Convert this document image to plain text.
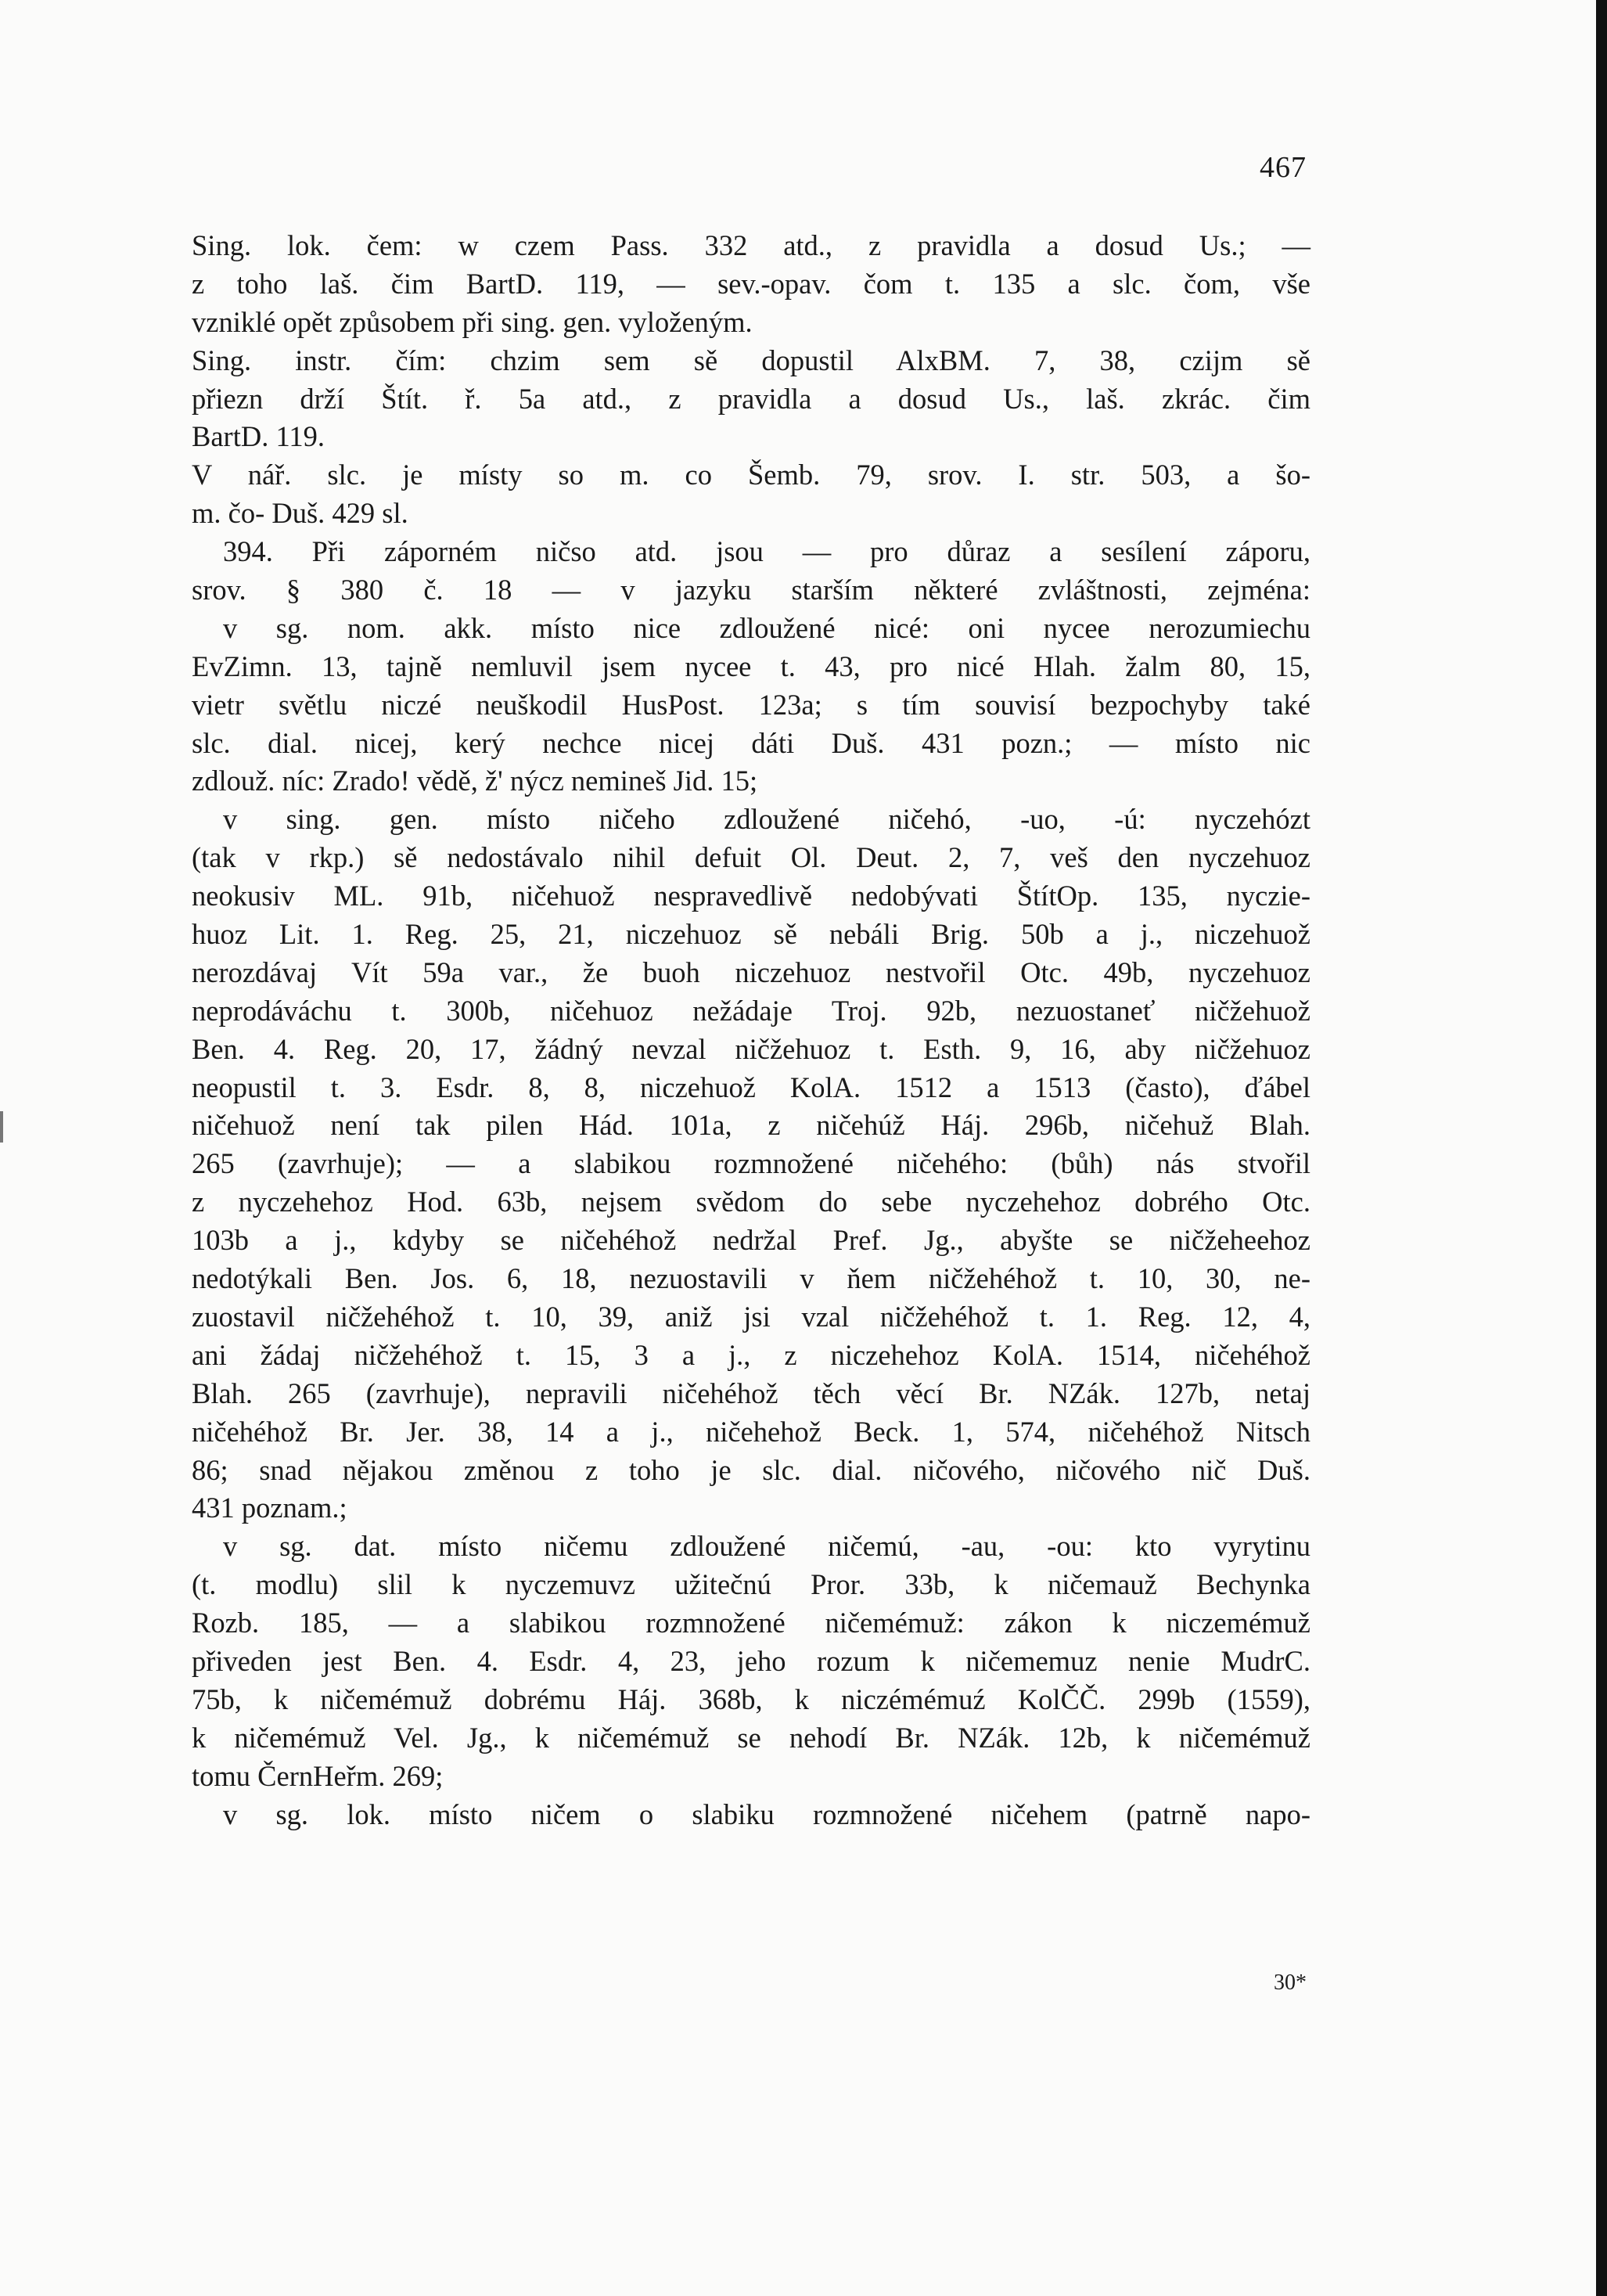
467
Sing. lok. čem: w czem Pass. 332 atd., z pravidla a dosud Us.; —
z toho laš. čim BartD. 119, — sev.-opav. čom t. 135 a slc. čom, vše
vzniklé opět způsobem při sing. gen. vyloženým.
Sing. instr. čím: chzim sem sě dopustil AlxBM. 7, 38, czijm sě
přiezn drží Štít. ř. 5a atd., z pravidla a dosud Us., laš. zkrác. čim
BartD. 119.
V nář. slc. je místy so m. co Šemb. 79, srov. I. str. 503, a šo-
m. čo- Duš. 429 sl.
394. Při záporném ničso atd. jsou — pro důraz a sesílení záporu,
srov. § 380 č. 18 — v jazyku starším některé zvláštnosti, zejména:
v sg. nom. akk. místo nice zdloužené nicé: oni nycee nerozumiechu
EvZimn. 13, tajně nemluvil jsem nycee t. 43, pro nicé Hlah. žalm 80, 15,
vietr světlu niczé neuškodil HusPost. 123a; s tím souvisí bezpochyby také
slc. dial. nicej, kerý nechce nicej dáti Duš. 431 pozn.; — místo nic
zdlouž. níc: Zrado! vědě, ž' nýcz nemineš Jid. 15;
v sing. gen. místo ničeho zdloužené ničehó, -uo, -ú: nyczehózt
(tak v rkp.) sě nedostávalo nihil defuit Ol. Deut. 2, 7, veš den nyczehuoz
neokusiv ML. 91b, ničehuož nespravedlivě nedobývati ŠtítOp. 135, nyczie-
huoz Lit. 1. Reg. 25, 21, niczehuoz sě nebáli Brig. 50b a j., niczehuož
nerozdávaj Vít 59a var., že buoh niczehuoz nestvořil Otc. 49b, nyczehuoz
neprodáváchu t. 300b, ničehuoz nežádaje Troj. 92b, nezuostaneť ničžehuož
Ben. 4. Reg. 20, 17, žádný nevzal ničžehuoz t. Esth. 9, 16, aby ničžehuoz
neopustil t. 3. Esdr. 8, 8, niczehuož KolA. 1512 a 1513 (často), ďábel
ničehuož není tak pilen Hád. 101a, z ničehúž Háj. 296b, ničehuž Blah.
265 (zavrhuje); — a slabikou rozmnožené ničehého: (bůh) nás stvořil
z nyczehehoz Hod. 63b, nejsem svědom do sebe nyczehehoz dobrého Otc.
103b a j., kdyby se ničehéhož nedržal Pref. Jg., abyšte se ničžeheehoz
nedotýkali Ben. Jos. 6, 18, nezuostavili v ňem ničžehéhož t. 10, 30, ne-
zuostavil ničžehéhož t. 10, 39, aniž jsi vzal ničžehéhož t. 1. Reg. 12, 4,
ani žádaj ničžehéhož t. 15, 3 a j., z niczehehoz KolA. 1514, ničehéhož
Blah. 265 (zavrhuje), nepravili ničehéhož těch věcí Br. NZák. 127b, netaj
ničehéhož Br. Jer. 38, 14 a j., ničehehož Beck. 1, 574, ničehéhož Nitsch
86; snad nějakou změnou z toho je slc. dial. ničového, ničového nič Duš.
431 poznam.;
v sg. dat. místo ničemu zdloužené ničemú, -au, -ou: kto vyrytinu
(t. modlu) slil k nyczemuvz užitečnú Pror. 33b, k ničemauž Bechynka
Rozb. 185, — a slabikou rozmnožené ničemémuž: zákon k niczemémuž
přiveden jest Ben. 4. Esdr. 4, 23, jeho rozum k ničememuz nenie MudrC.
75b, k ničemémuž dobrému Háj. 368b, k niczémémuź KolČČ. 299b (1559),
k ničemémuž Vel. Jg., k ničemémuž se nehodí Br. NZák. 12b, k ničemémuž
tomu ČernHeřm. 269;
v sg. lok. místo ničem o slabiku rozmnožené ničehem (patrně napo-
30*
